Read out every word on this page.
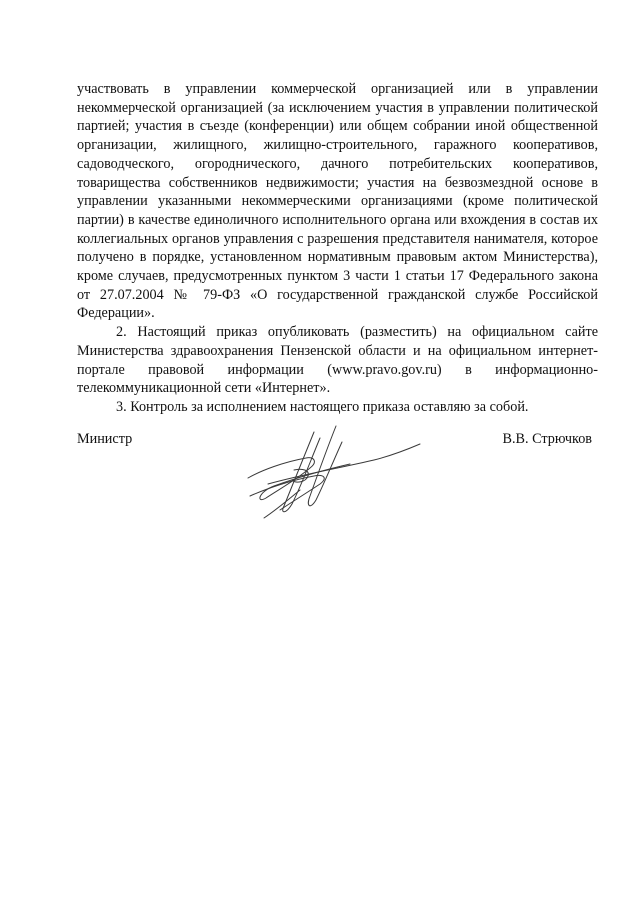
участвовать в управлении коммерческой организацией или в управлении некоммерческой организацией (за исключением участия в управлении политической партией; участия в съезде (конференции) или общем собрании иной общественной организации, жилищного, жилищно-строительного, гаражного кооперативов, садоводческого, огороднического, дачного потребительских кооперативов, товарищества собственников недвижимости; участия на безвозмездной основе в управлении указанными некоммерческими организациями (кроме политической партии) в качестве единоличного исполнительного органа или вхождения в состав их коллегиальных органов управления с разрешения представителя нанимателя, которое получено в порядке, установленном нормативным правовым актом Министерства), кроме случаев, предусмотренных пунктом 3 части 1 статьи 17 Федерального закона от 27.07.2004 № 79-ФЗ «О государственной гражданской службе Российской Федерации».

2. Настоящий приказ опубликовать (разместить) на официальном сайте Министерства здравоохранения Пензенской области и на официальном интернет-портале правовой информации (www.pravo.gov.ru) в информационно-телекоммуникационной сети «Интернет».

3. Контроль за исполнением настоящего приказа оставляю за собой.

Министр	В.В. Стрючков
